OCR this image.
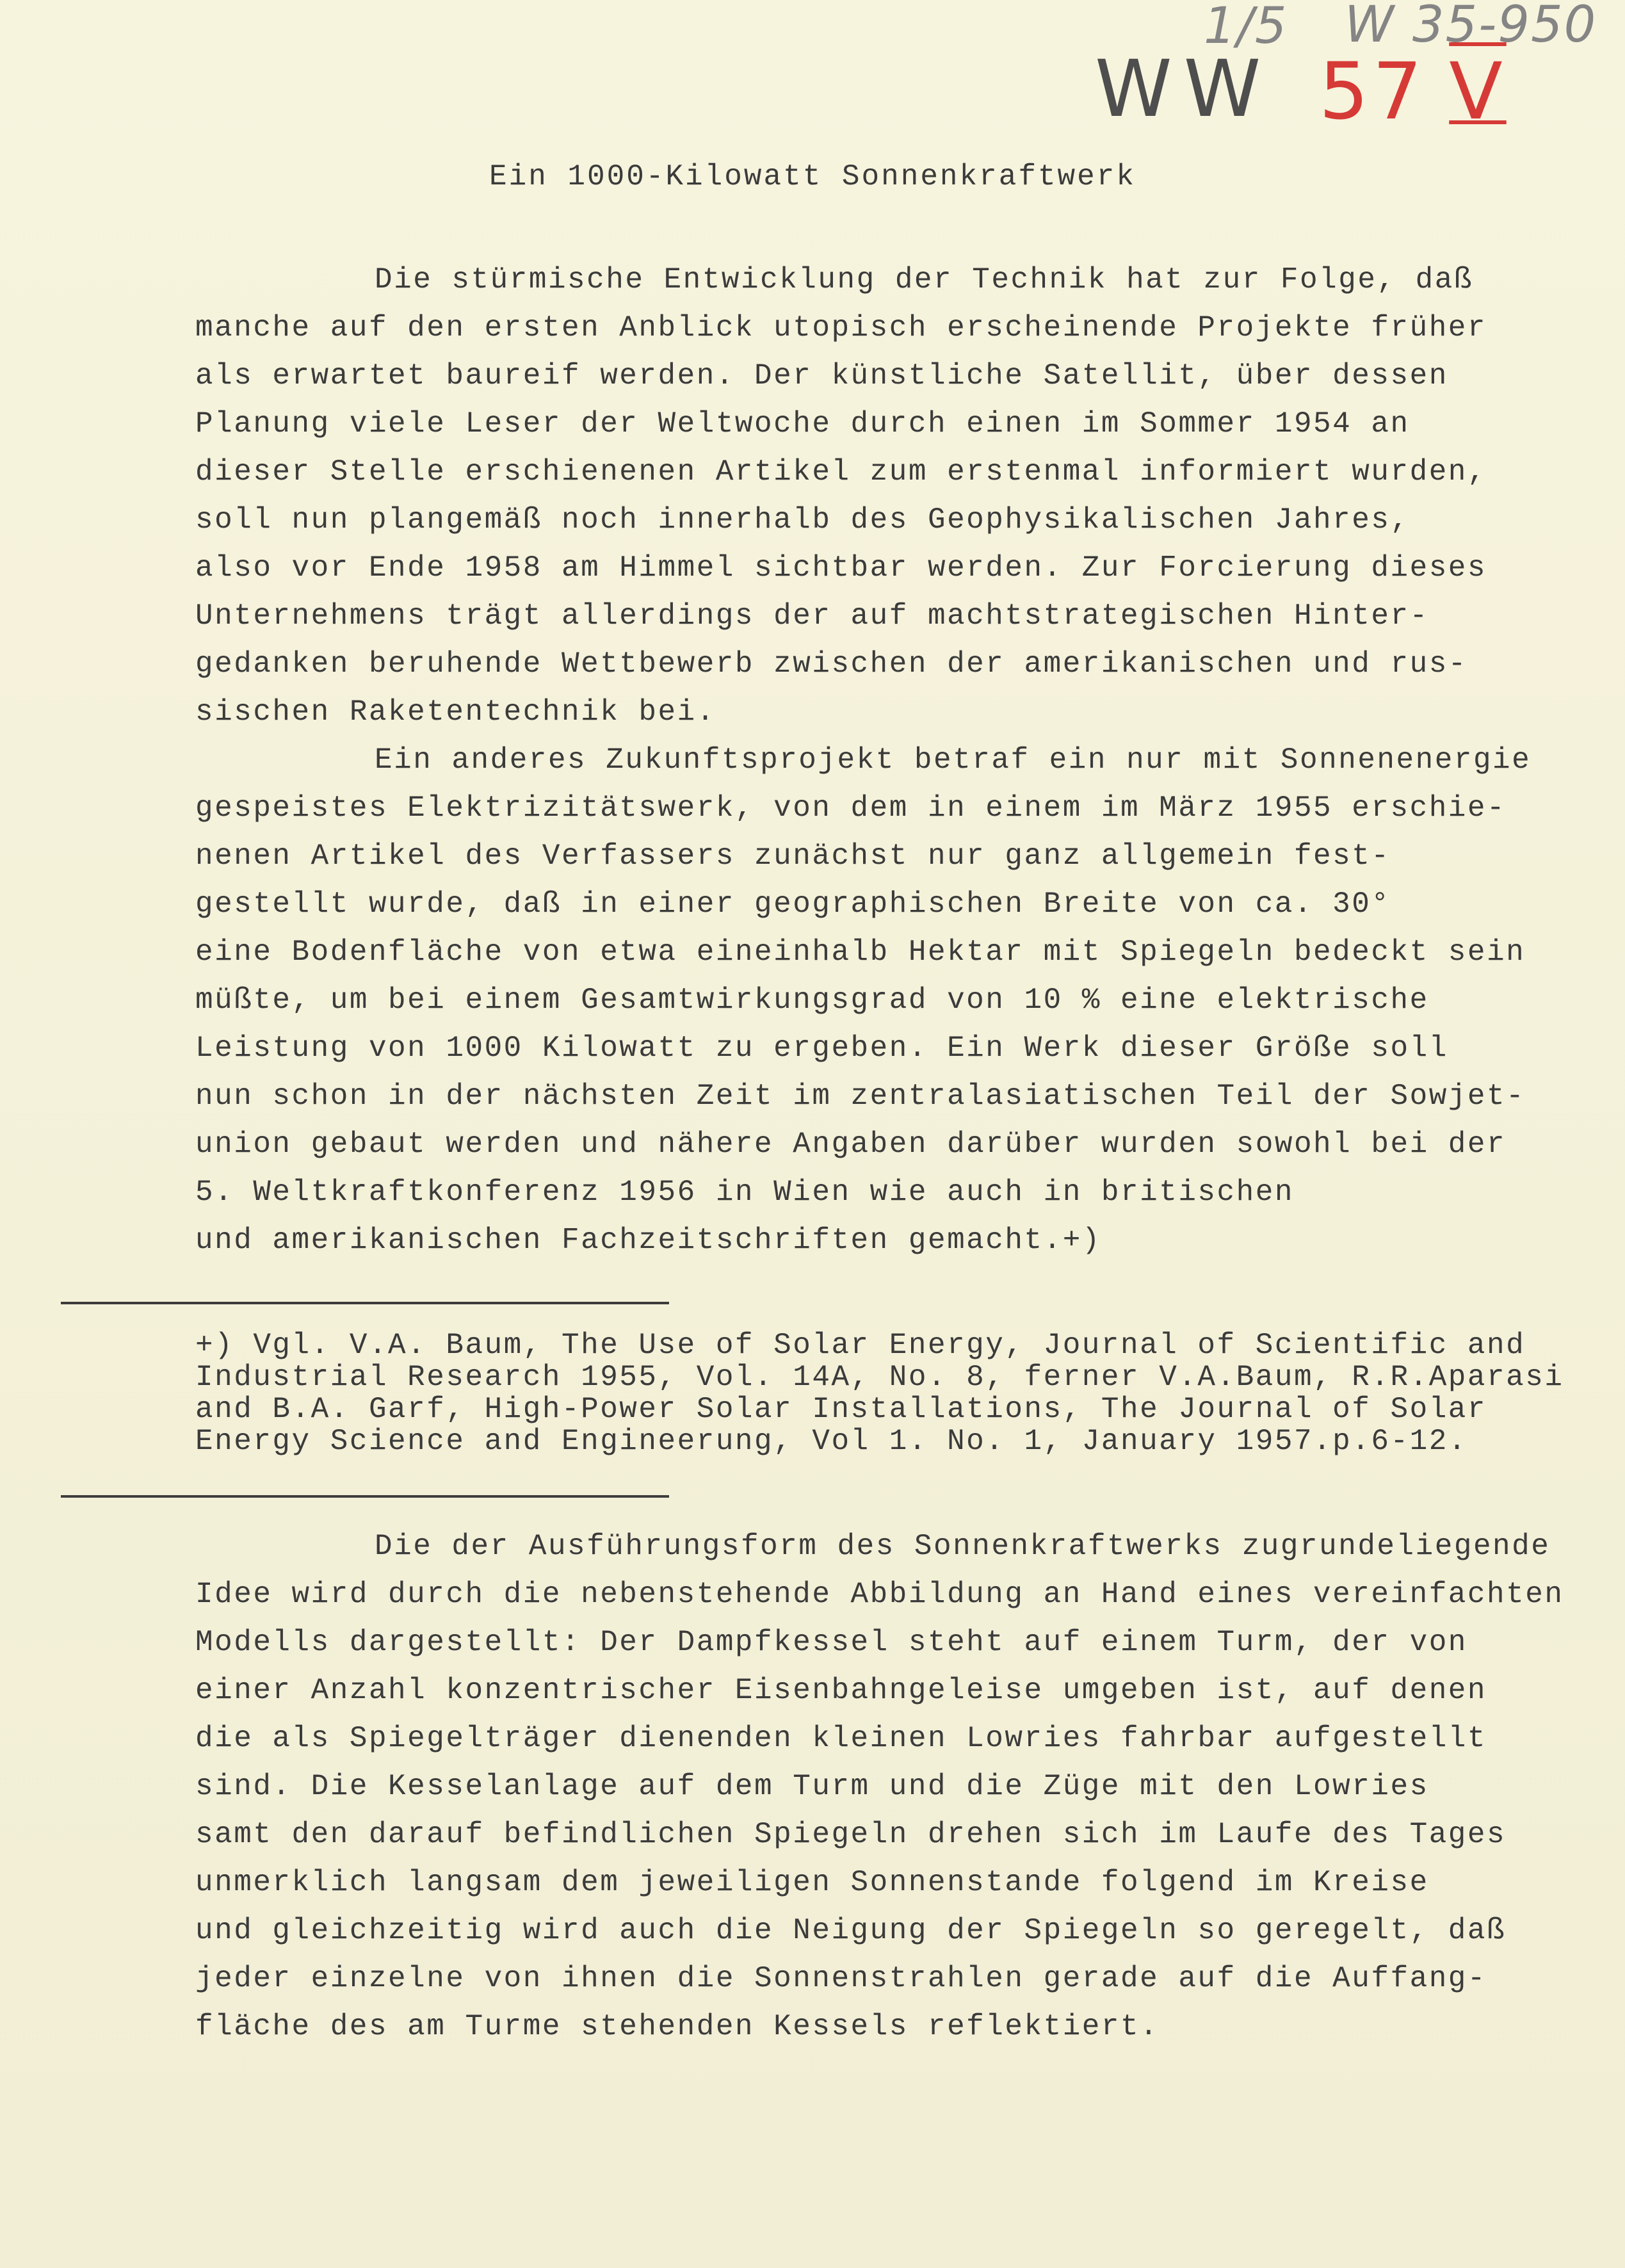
1/5 W 35-950
WW 57 V
Ein 1000-Kilowatt Sonnenkraftwerk
Die stürmische Entwicklung der Technik hat zur Folge, daß
manche auf den ersten Anblick utopisch erscheinende Projekte früher
als erwartet baureif werden. Der künstliche Satellit, über dessen
Planung viele Leser der Weltwoche durch einen im Sommer 1954 an
dieser Stelle erschienenen Artikel zum erstenmal informiert wurden,
soll nun plangemäß noch innerhalb des Geophysikalischen Jahres,
also vor Ende 1958 am Himmel sichtbar werden. Zur Forcierung dieses
Unternehmens trägt allerdings der auf machtstrategischen Hinter-
gedanken beruhende Wettbewerb zwischen der amerikanischen und rus-
sischen Raketentechnik bei.
Ein anderes Zukunftsprojekt betraf ein nur mit Sonnenenergie
gespeistes Elektrizitätswerk, von dem in einem im März 1955 erschie-
nenen Artikel des Verfassers zunächst nur ganz allgemein fest-
gestellt wurde, daß in einer geographischen Breite von ca. 30°
eine Bodenfläche von etwa eineinhalb Hektar mit Spiegeln bedeckt sein
müßte, um bei einem Gesamtwirkungsgrad von 10 % eine elektrische
Leistung von 1000 Kilowatt zu ergeben. Ein Werk dieser Größe soll
nun schon in der nächsten Zeit im zentralasiatischen Teil der Sowjet-
union gebaut werden und nähere Angaben darüber wurden sowohl bei der
5. Weltkraftkonferenz 1956 in Wien wie auch in britischen
und amerikanischen Fachzeitschriften gemacht.+)
+) Vgl. V.A. Baum, The Use of Solar Energy, Journal of Scientific and
Industrial Research 1955, Vol. 14A, No. 8, ferner V.A.Baum, R.R.Aparasi
and B.A. Garf, High-Power Solar Installations, The Journal of Solar
Energy Science and Engineerung, Vol 1. No. 1, January 1957.p.6-12.
Die der Ausführungsform des Sonnenkraftwerks zugrundeliegende
Idee wird durch die nebenstehende Abbildung an Hand eines vereinfachten
Modells dargestellt: Der Dampfkessel steht auf einem Turm, der von
einer Anzahl konzentrischer Eisenbahngeleise umgeben ist, auf denen
die als Spiegelträger dienenden kleinen Lowries fahrbar aufgestellt
sind. Die Kesselanlage auf dem Turm und die Züge mit den Lowries
samt den darauf befindlichen Spiegeln drehen sich im Laufe des Tages
unmerklich langsam dem jeweiligen Sonnenstande folgend im Kreise
und gleichzeitig wird auch die Neigung der Spiegeln so geregelt, daß
jeder einzelne von ihnen die Sonnenstrahlen gerade auf die Auffang-
fläche des am Turme stehenden Kessels reflektiert.
